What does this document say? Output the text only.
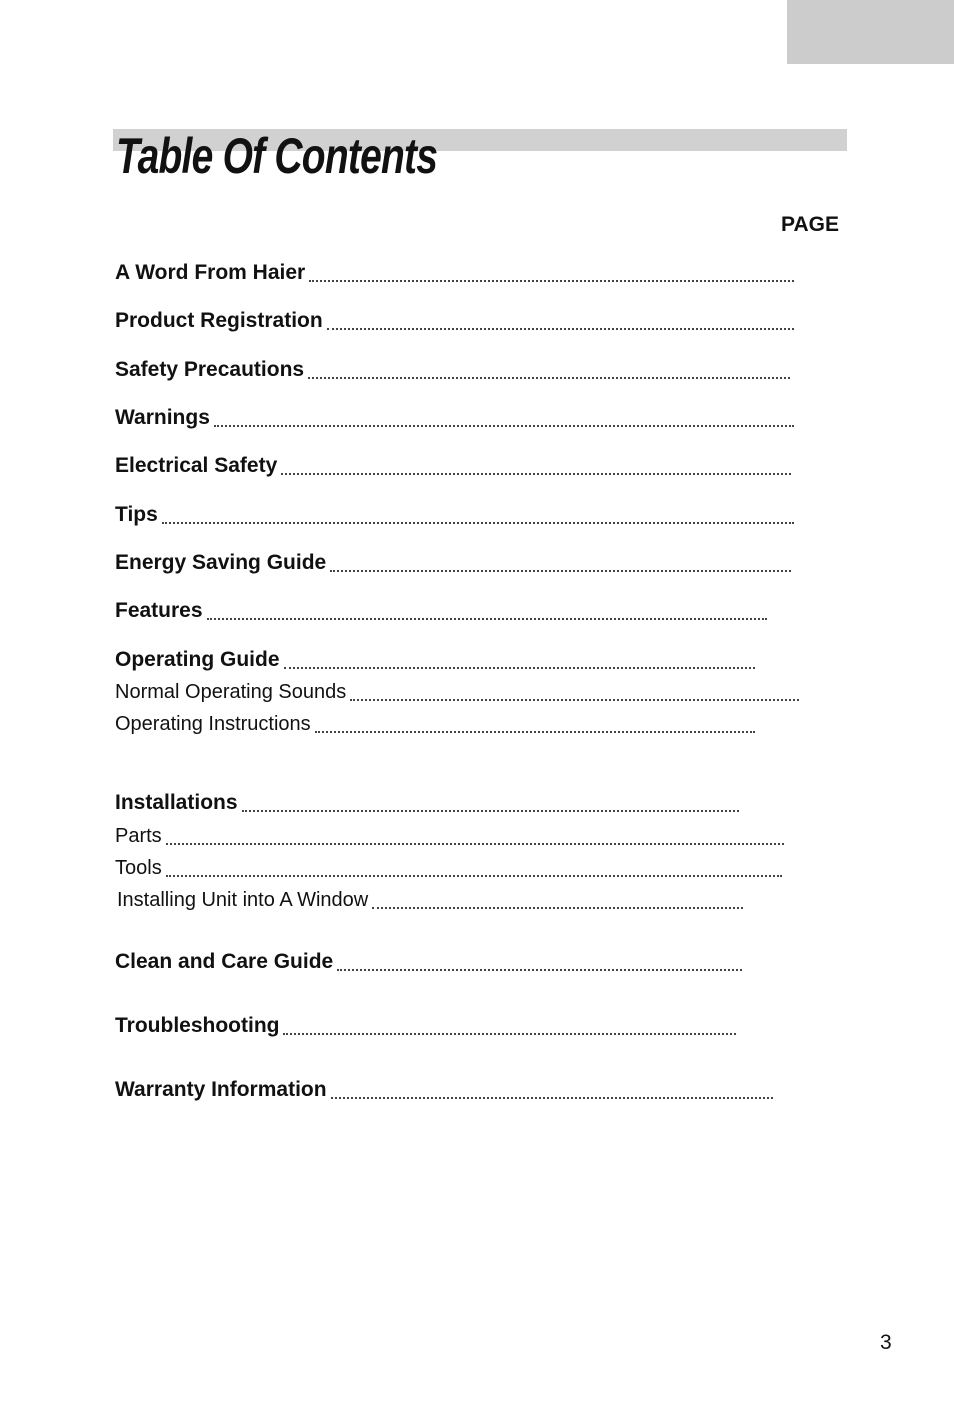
Table Of Contents
PAGE
A Word From Haier
Product Registration
Safety Precautions
Warnings
Electrical Safety
Tips
Energy Saving Guide
Features
Operating Guide
Normal Operating Sounds
Operating Instructions
Installations
Parts
Tools
Installing Unit into A Window
Clean and Care Guide
Troubleshooting
Warranty Information
3
